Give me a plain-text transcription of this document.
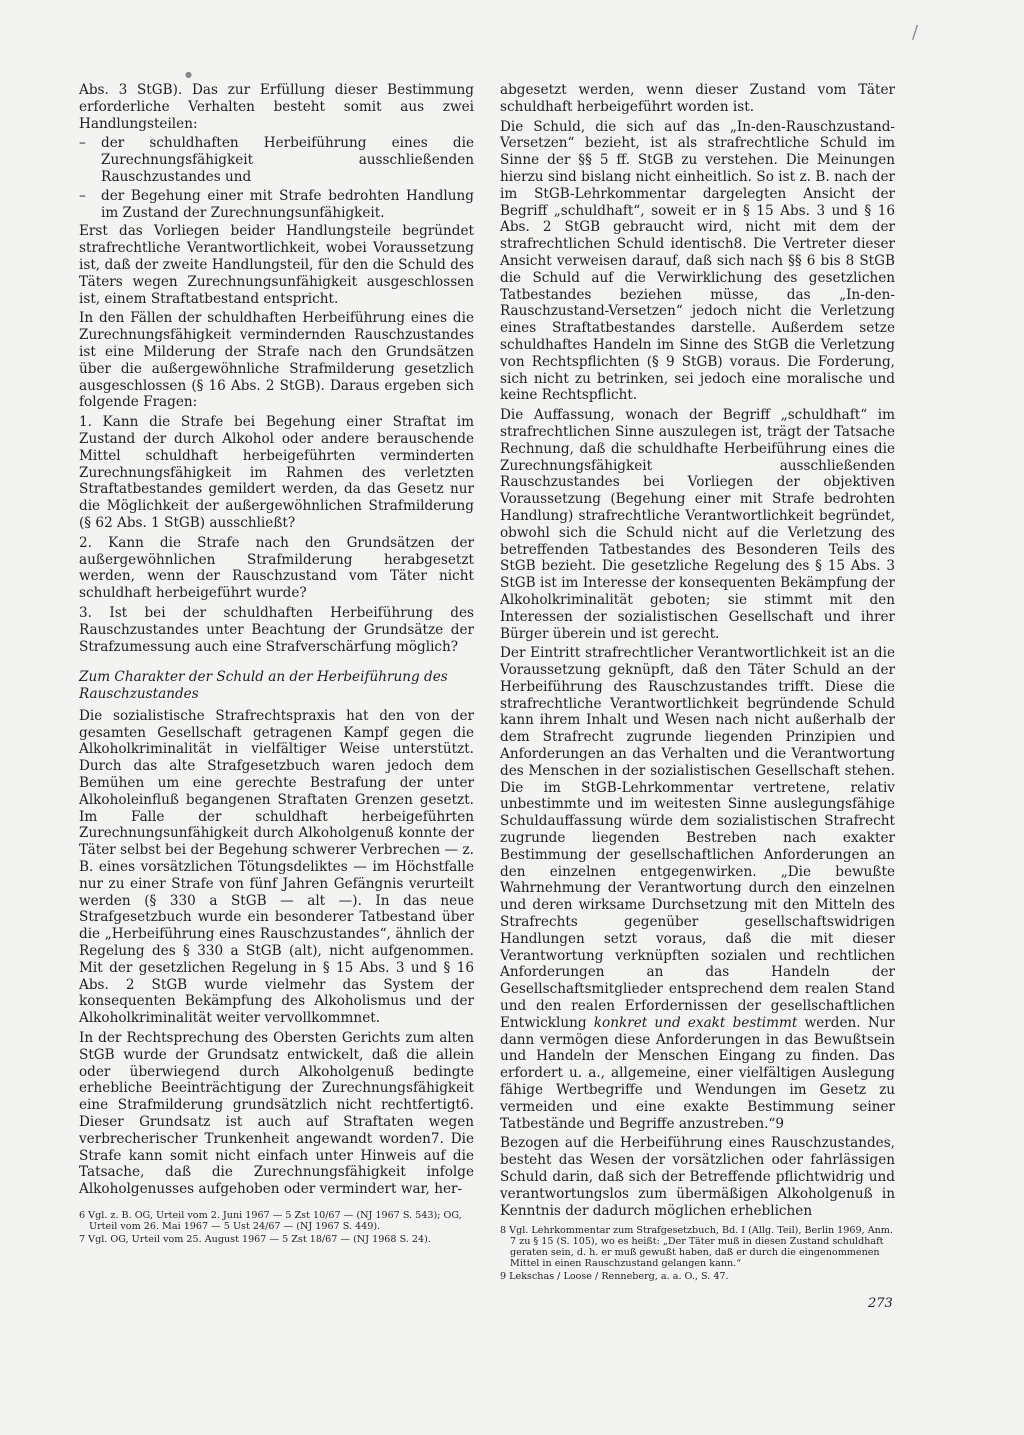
Abs. 3 StGB). Das zur Erfüllung dieser Bestimmung erforderliche Verhalten besteht somit aus zwei Handlungsteilen:

–	der schuldhaften Herbeiführung eines die Zurechnungsfähigkeit ausschließenden Rauschzustandes und
–	der Begehung einer mit Strafe bedrohten Handlung im Zustand der Zurechnungsunfähigkeit.

Erst das Vorliegen beider Handlungsteile begründet strafrechtliche Verantwortlichkeit, wobei Voraussetzung ist, daß der zweite Handlungsteil, für den die Schuld des Täters wegen Zurechnungsunfähigkeit ausgeschlossen ist, einem Straftatbestand entspricht.

In den Fällen der schuldhaften Herbeiführung eines die Zurechnungsfähigkeit vermindernden Rauschzustandes ist eine Milderung der Strafe nach den Grundsätzen über die außergewöhnliche Strafmilderung gesetzlich ausgeschlossen (§ 16 Abs. 2 StGB). Daraus ergeben sich folgende Fragen:

1. Kann die Strafe bei Begehung einer Straftat im Zustand der durch Alkohol oder andere berauschende Mittel schuldhaft herbeigeführten verminderten Zurechnungsfähigkeit im Rahmen des verletzten Straftatbestandes gemildert werden, da das Gesetz nur die Möglichkeit der außergewöhnlichen Strafmilderung (§ 62 Abs. 1 StGB) ausschließt?

2. Kann die Strafe nach den Grundsätzen der außergewöhnlichen Strafmilderung herabgesetzt werden, wenn der Rauschzustand vom Täter nicht schuldhaft herbeigeführt wurde?

3. Ist bei der schuldhaften Herbeiführung des Rauschzustandes unter Beachtung der Grundsätze der Strafzumessung auch eine Strafverschärfung möglich?

Zum Charakter der Schuld an der Herbeiführung des Rauschzustandes

Die sozialistische Strafrechtspraxis hat den von der gesamten Gesellschaft getragenen Kampf gegen die Alkoholkriminalität in vielfältiger Weise unterstützt. Durch das alte Strafgesetzbuch waren jedoch dem Bemühen um eine gerechte Bestrafung der unter Alkoholeinfluß begangenen Straftaten Grenzen gesetzt. Im Falle der schuldhaft herbeigeführten Zurechnungsunfähigkeit durch Alkoholgenuß konnte der Täter selbst bei der Begehung schwerer Verbrechen — z. B. eines vorsätzlichen Tötungsdeliktes — im Höchstfalle nur zu einer Strafe von fünf Jahren Gefängnis verurteilt werden (§ 330 a StGB — alt —). In das neue Strafgesetzbuch wurde ein besonderer Tatbestand über die „Herbeiführung eines Rauschzustandes“, ähnlich der Regelung des § 330 a StGB (alt), nicht aufgenommen. Mit der gesetzlichen Regelung in § 15 Abs. 3 und § 16 Abs. 2 StGB wurde vielmehr das System der konsequenten Bekämpfung des Alkoholismus und der Alkoholkriminalität weiter vervollkommnet.

In der Rechtsprechung des Obersten Gerichts zum alten StGB wurde der Grundsatz entwickelt, daß die allein oder überwiegend durch Alkoholgenuß bedingte erhebliche Beeinträchtigung der Zurechnungsfähigkeit eine Strafmilderung grundsätzlich nicht rechtfertigt6. Dieser Grundsatz ist auch auf Straftaten wegen verbrecherischer Trunkenheit angewandt worden7. Die Strafe kann somit nicht einfach unter Hinweis auf die Tatsache, daß die Zurechnungsfähigkeit infolge Alkoholgenusses aufgehoben oder vermindert war, her-

6 Vgl. z. B. OG, Urteil vom 2. Juni 1967 — 5 Zst 10/67 — (NJ 1967 S. 543); OG, Urteil vom 26. Mai 1967 — 5 Ust 24/67 — (NJ 1967 S. 449).

7 Vgl. OG, Urteil vom 25. August 1967 — 5 Zst 18/67 — (NJ 1968 S. 24).

abgesetzt werden, wenn dieser Zustand vom Täter schuldhaft herbeigeführt worden ist.

Die Schuld, die sich auf das „In-den-Rauschzustand-Versetzen“ bezieht, ist als strafrechtliche Schuld im Sinne der §§ 5 ff. StGB zu verstehen. Die Meinungen hierzu sind bislang nicht einheitlich. So ist z. B. nach der im StGB-Lehrkommentar dargelegten Ansicht der Begriff „schuldhaft“, soweit er in § 15 Abs. 3 und § 16 Abs. 2 StGB gebraucht wird, nicht mit dem der strafrechtlichen Schuld identisch8. Die Vertreter dieser Ansicht verweisen darauf, daß sich nach §§ 6 bis 8 StGB die Schuld auf die Verwirklichung des gesetzlichen Tatbestandes beziehen müsse, das „In-den-Rauschzustand-Versetzen“ jedoch nicht die Verletzung eines Straftatbestandes darstelle. Außerdem setze schuldhaftes Handeln im Sinne des StGB die Verletzung von Rechtspflichten (§ 9 StGB) voraus. Die Forderung, sich nicht zu betrinken, sei jedoch eine moralische und keine Rechtspflicht.

Die Auffassung, wonach der Begriff „schuldhaft“ im strafrechtlichen Sinne auszulegen ist, trägt der Tatsache Rechnung, daß die schuldhafte Herbeiführung eines die Zurechnungsfähigkeit ausschließenden Rauschzustandes bei Vorliegen der objektiven Voraussetzung (Begehung einer mit Strafe bedrohten Handlung) strafrechtliche Verantwortlichkeit begründet, obwohl sich die Schuld nicht auf die Verletzung des betreffenden Tatbestandes des Besonderen Teils des StGB bezieht. Die gesetzliche Regelung des § 15 Abs. 3 StGB ist im Interesse der konsequenten Bekämpfung der Alkoholkriminalität geboten; sie stimmt mit den Interessen der sozialistischen Gesellschaft und ihrer Bürger überein und ist gerecht.

Der Eintritt strafrechtlicher Verantwortlichkeit ist an die Voraussetzung geknüpft, daß den Täter Schuld an der Herbeiführung des Rauschzustandes trifft. Diese die strafrechtliche Verantwortlichkeit begründende Schuld kann ihrem Inhalt und Wesen nach nicht außerhalb der dem Strafrecht zugrunde liegenden Prinzipien und Anforderungen an das Verhalten und die Verantwortung des Menschen in der sozialistischen Gesellschaft stehen. Die im StGB-Lehrkommentar vertretene, relativ unbestimmte und im weitesten Sinne auslegungsfähige Schuldauffassung würde dem sozialistischen Strafrecht zugrunde liegenden Bestreben nach exakter Bestimmung der gesellschaftlichen Anforderungen an den einzelnen entgegenwirken. „Die bewußte Wahrnehmung der Verantwortung durch den einzelnen und deren wirksame Durchsetzung mit den Mitteln des Strafrechts gegenüber gesellschaftswidrigen Handlungen setzt voraus, daß die mit dieser Verantwortung verknüpften sozialen und rechtlichen Anforderungen an das Handeln der Gesellschaftsmitglieder entsprechend dem realen Stand und den realen Erfordernissen der gesellschaftlichen Entwicklung konkret und exakt bestimmt werden. Nur dann vermögen diese Anforderungen in das Bewußtsein und Handeln der Menschen Eingang zu finden. Das erfordert u. a., allgemeine, einer vielfältigen Auslegung fähige Wertbegriffe und Wendungen im Gesetz zu vermeiden und eine exakte Bestimmung seiner Tatbestände und Begriffe anzustreben.“9

Bezogen auf die Herbeiführung eines Rauschzustandes, besteht das Wesen der vorsätzlichen oder fahrlässigen Schuld darin, daß sich der Betreffende pflichtwidrig und verantwortungslos zum übermäßigen Alkoholgenuß in Kenntnis der dadurch möglichen erheblichen

8 Vgl. Lehrkommentar zum Strafgesetzbuch, Bd. I (Allg. Teil), Berlin 1969, Anm. 7 zu § 15 (S. 105), wo es heißt: „Der Täter muß in diesen Zustand schuldhaft geraten sein, d. h. er muß gewußt haben, daß er durch die eingenommenen Mittel in einen Rauschzustand gelangen kann.“

9 Lekschas / Loose / Renneberg, a. a. O., S. 47.

273
/
●
